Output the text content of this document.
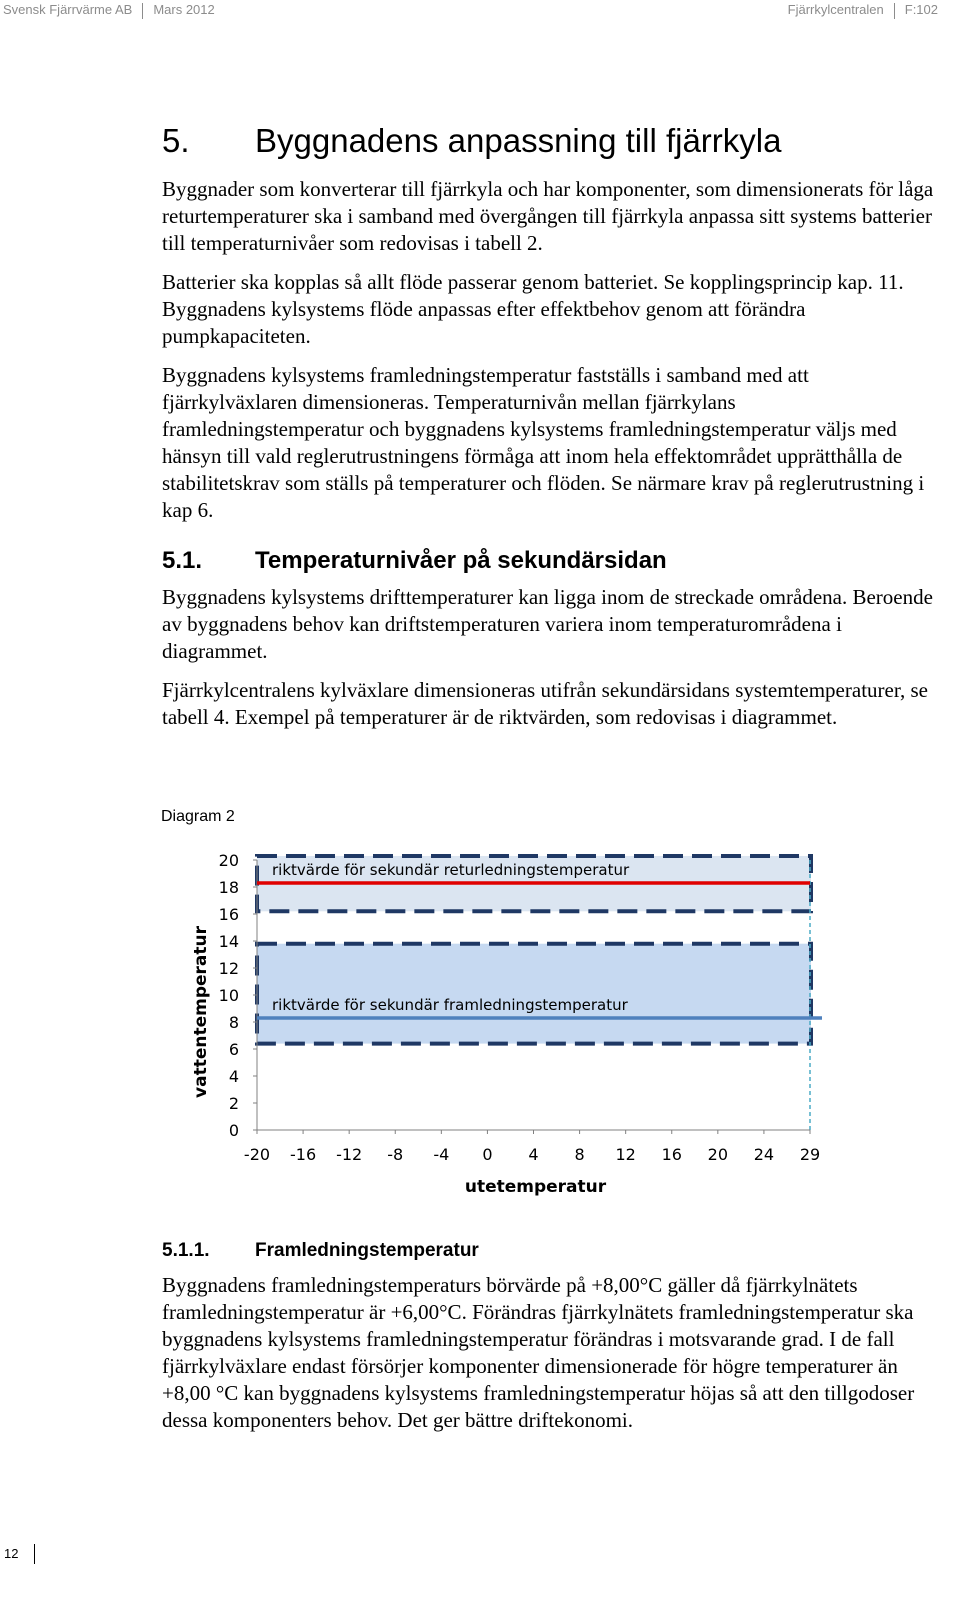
Svensk Fjärrvärme AB Mars 2012	Fjärrkylcentralen F:102
5. Byggnadens anpassning till fjärrkyla

Byggnader som konverterar till fjärrkyla och har komponenter, som dimensionerats för låga returtemperaturer ska i samband med övergången till fjärrkyla anpassa sitt systems batterier till temperaturnivåer som redovisas i tabell 2.

Batterier ska kopplas så allt flöde passerar genom batteriet. Se kopplingsprincip kap. 11. Byggnadens kylsystems flöde anpassas efter effektbehov genom att förändra pumpkapaciteten.

Byggnadens kylsystems framledningstemperatur fastställs i samband med att fjärrkylväxlaren dimensioneras. Temperaturnivån mellan fjärrkylans framledningstemperatur och byggnadens kylsystems framledningstemperatur väljs med hänsyn till vald reglerutrustningens förmåga att inom hela effektområdet upprätthålla de stabilitetskrav som ställs på temperaturer och flöden. Se närmare krav på reglerutrustning i kap 6.

5.1. Temperaturnivåer på sekundärsidan

Byggnadens kylsystems drifttemperaturer kan ligga inom de streckade områdena. Beroende av byggnadens behov kan driftstemperaturen variera inom temperaturområdena i diagrammet.

Fjärrkylcentralens kylväxlare dimensioneras utifrån sekundärsidans systemtemperaturer, se tabell 4. Exempel på temperaturer är de riktvärden, som redovisas i diagrammet.

Diagram 2
0
2
4
6
8
10
12
14
16
18
20
-20 -16 -12 -8 -4 0 4 8 12 16 20 24 29
riktvärde för sekundär returledningstemperatur
riktvärde för sekundär framledningstemperatur
utetemperatur
vattentemperatur
5.1.1. Framledningstemperatur

Byggnadens framledningstemperaturs börvärde på +8,00°C gäller då fjärrkylnätets framledningstemperatur är +6,00°C. Förändras fjärrkylnätets framledningstemperatur ska byggnadens kylsystems framledningstemperatur förändras i motsvarande grad. I de fall fjärrkylväxlare endast försörjer komponenter dimensionerade för högre temperaturer än +8,00 °C kan byggnadens kylsystems framledningstemperatur höjas så att den tillgodoser dessa komponenters behov. Det ger bättre driftekonomi.

12
